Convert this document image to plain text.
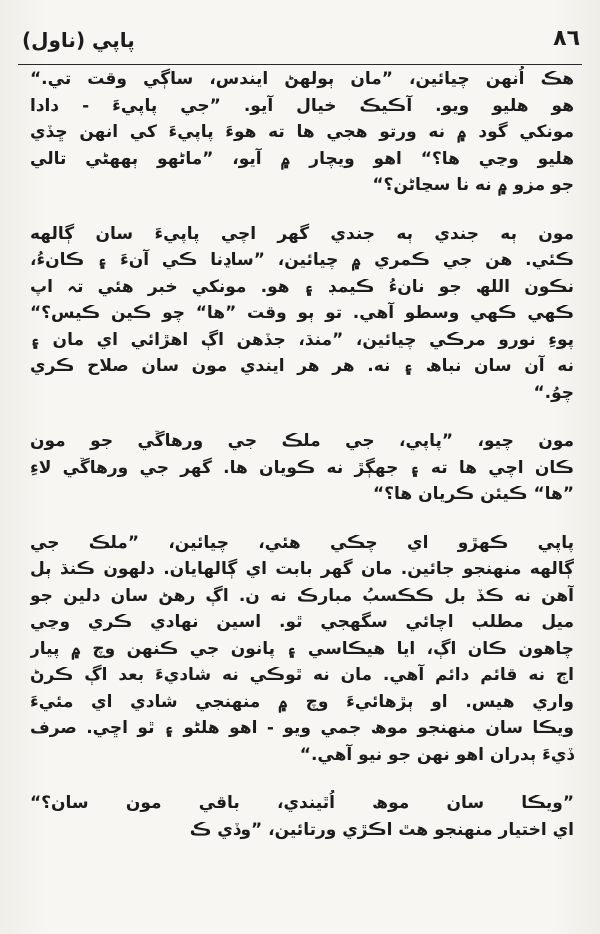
٨٦
پاپي (ناول)
هڪ اُنهن چيائين، ”مان ٻولهڻ ايندس، ساڳي وقت تي.“
هو هليو ويو. آڪيڪ خيال آيو. ”جي پاپيءَ - دادا
مونکي گود ۾ نه ورتو هجي ها ته هوءَ پاپيءَ کي انهن ڇڏي
هليو وڃي ها؟“ اهو ويچار ۾ آيو، ”ماڻهو ٻههڻي تالي
جو مزو ۾ نه نا سڃاڻن؟“
مون ٻه جندي ٻه جندي گهر اچي پاپيءَ سان ڳالهه
ڪئي. هن جي ڪمري ۾ چيائين، ”ساڍنا ڪي آنءَ ۽ ڪانءُ،
نڪون اللھ جو نانءُ ڪيمڊ ۽ هو. مونکي خبر هئي تہ اپ
ڪهي ڪهي وسطو آهي. تو ٻو وقت ”ها“ چو ڪين ڪيس؟“
پوءِ نورو مرڪي چيائين، ”منڌ، جڏهن اڳ اهڙائي اي مان ۽
نه آن سان نباھ ۽ نه. هر هر ايندي مون سان صلاح ڪري
چوُ.“
مون چيو، ”پاپي، جي ملڪ جي ورهاڱي جو مون
ڪان اچي ها ته ۽ جهڳڙ نه ڪويان ها. گهر جي ورهاڱي لاءِ
”ها“ ڪيئن ڪريان ها؟“
پاپي ڪهڙو اي چڪي هئي، چيائين، ”ملڪ جي
ڳالهه منهنجو جائين. مان گهر بابت اي ڳالهايان. دلهون ڪنڌ ٻل
آهن نه ڪڏ بل ڪڪسبُ مبارڪ نه ن. اڳ رهڻ سان دلين جو
ميل مطلب اچائي سگهجي ٿو. اسين نهادي ڪري وڃي
چاهون ڪان اڳ، ايا هيڪاسي ۽ پانون جي ڪنهن وچ ۾ پيار
اڄ نه قائم دائم آهي. مان نه ٿوڪي نه شاديءَ بعد اڳ ڪرڻ
واري هيس. او ٻڙهائيءَ وچ ۾ منهنجي شادي اي مئيءَ
ويڪا سان منهنجو موھ جمي ويو - اهو هلڻو ۽ ٿو اڇي. صرف
ڏيءَ ٻدران اهو نهن جو نيو آهي.“
”ويڪا سان موھ اُٿيندي، باقي مون سان؟“
اي اختيار منهنجو هٿ اڪڙي ورتائين، ”وڏي ڪ
